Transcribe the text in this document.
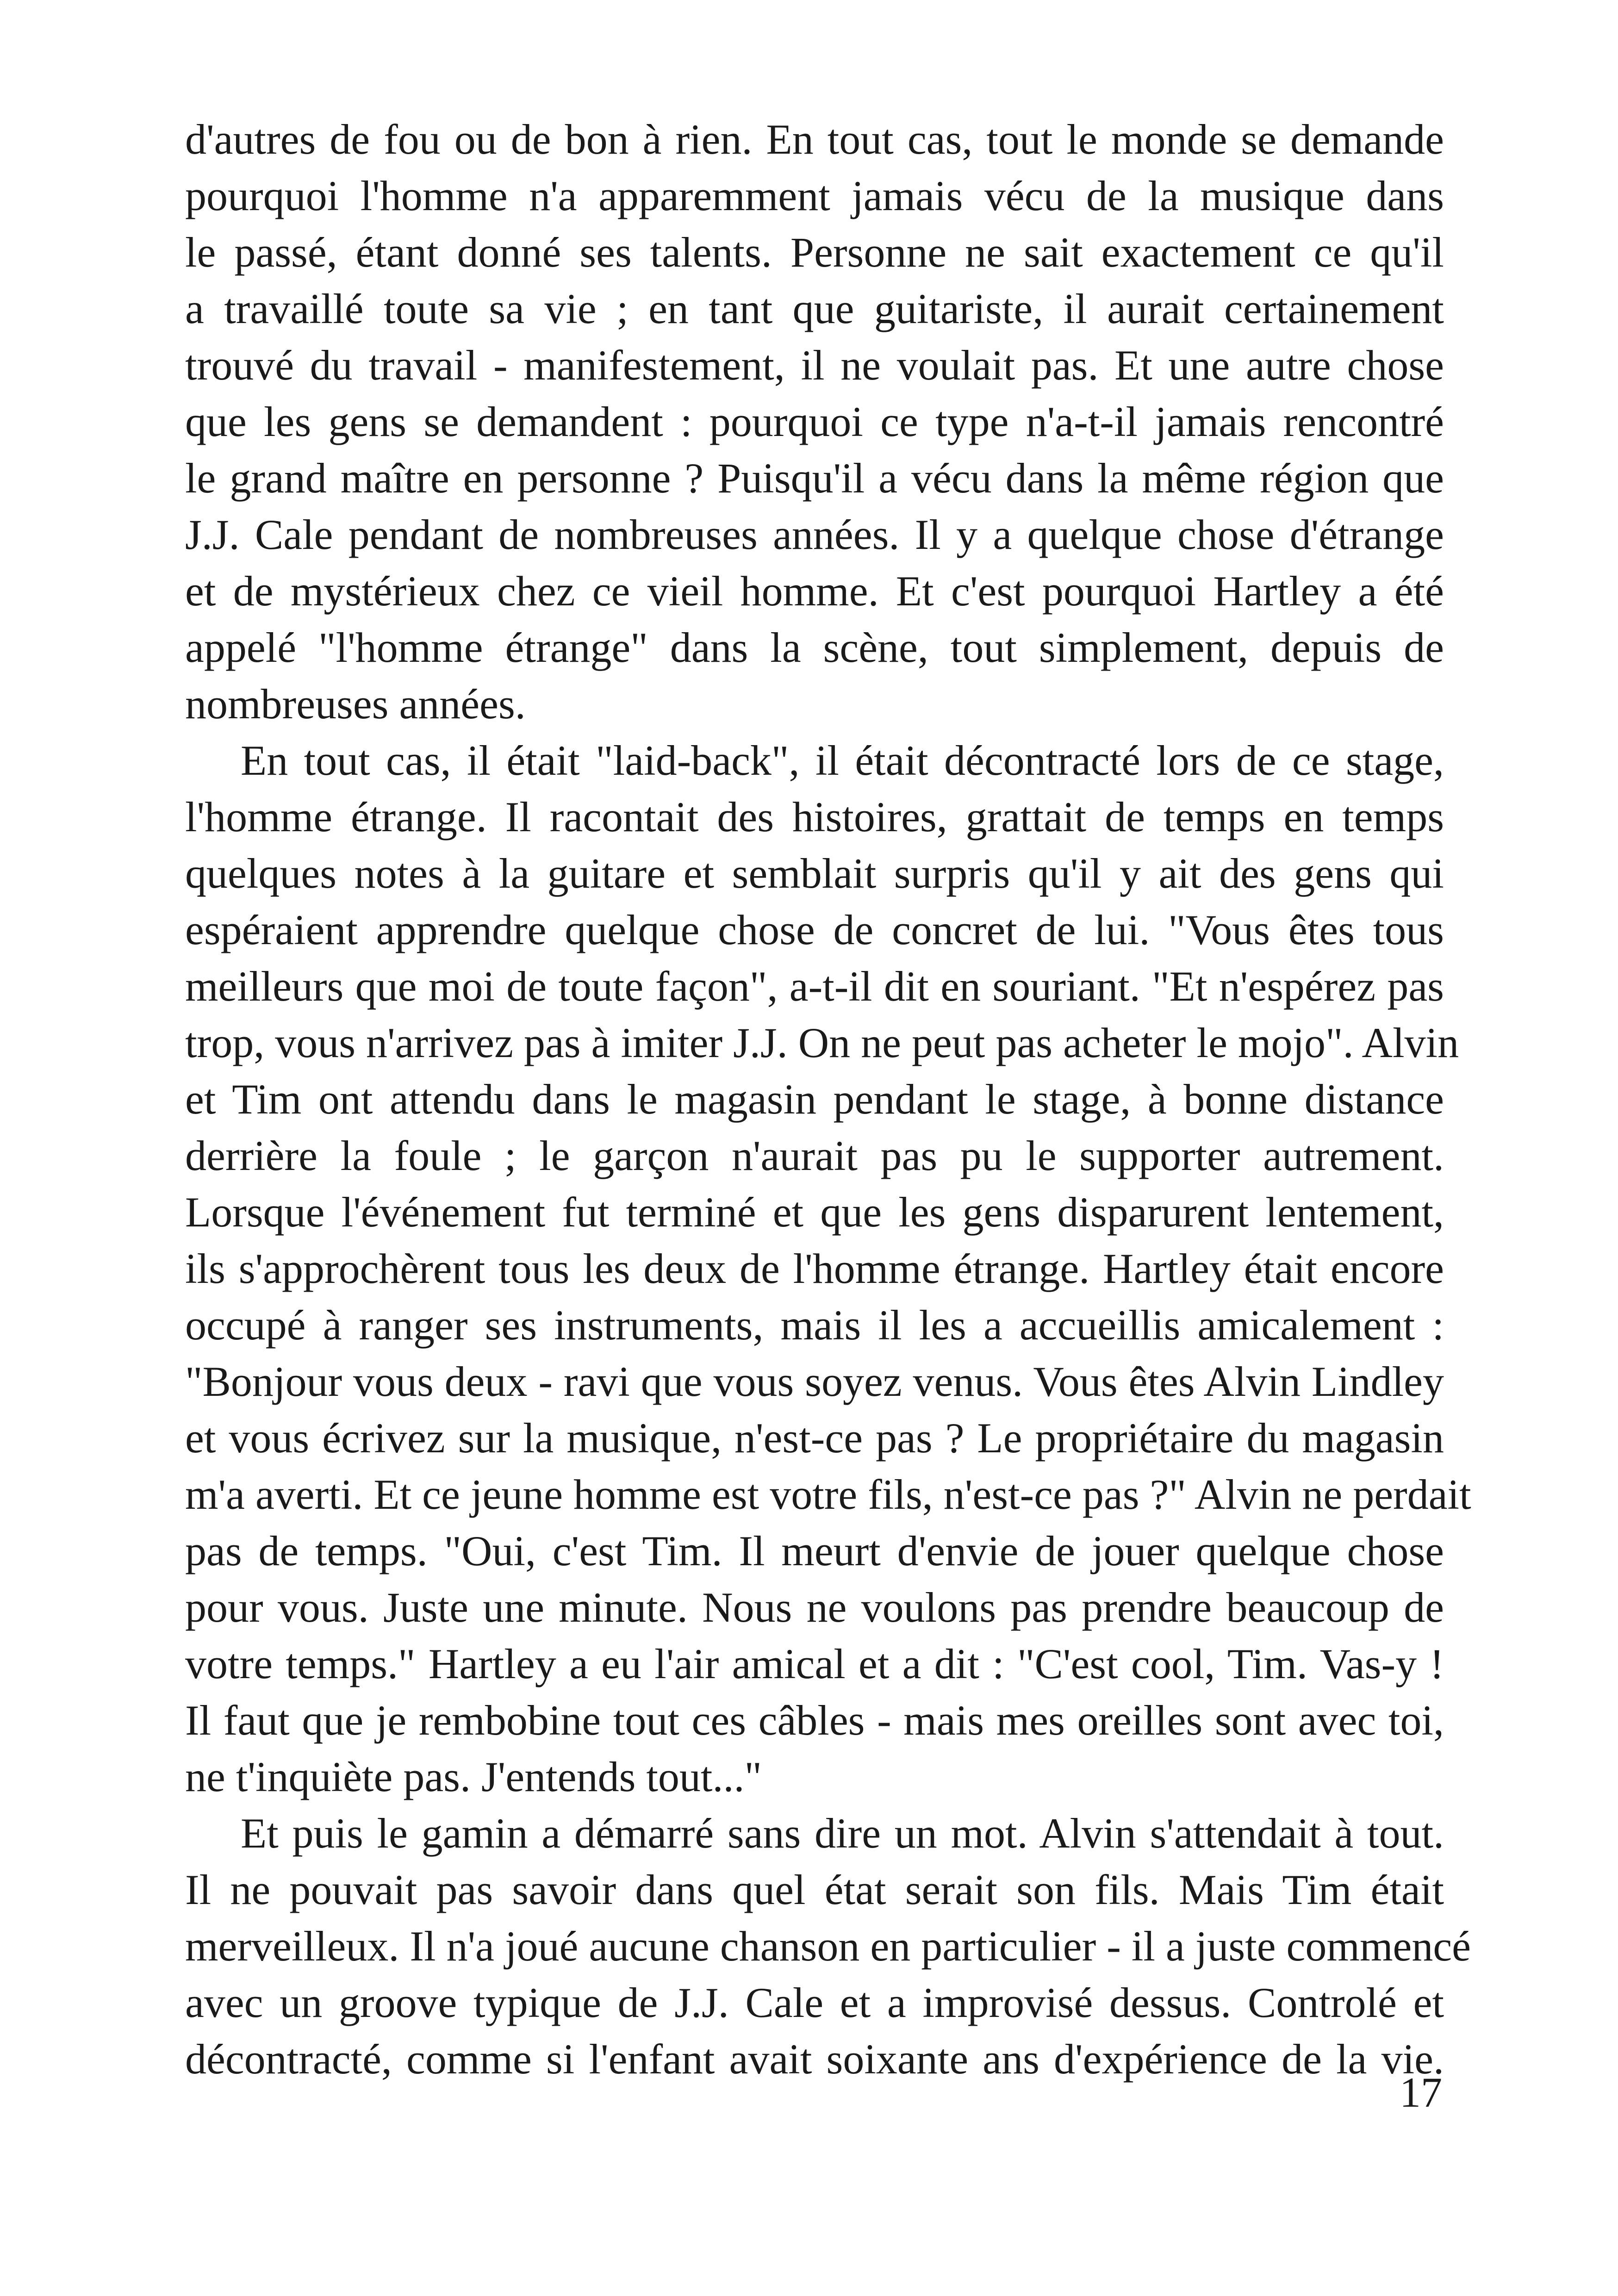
d'autres de fou ou de bon à rien. En tout cas, tout le monde se demande
pourquoi l'homme n'a apparemment jamais vécu de la musique dans
le passé, étant donné ses talents. Personne ne sait exactement ce qu'il
a travaillé toute sa vie ; en tant que guitariste, il aurait certainement
trouvé du travail - manifestement, il ne voulait pas. Et une autre chose
que les gens se demandent : pourquoi ce type n'a-t-il jamais rencontré
le grand maître en personne ? Puisqu'il a vécu dans la même région que
J.J. Cale pendant de nombreuses années. Il y a quelque chose d'étrange
et de mystérieux chez ce vieil homme. Et c'est pourquoi Hartley a été
appelé "l'homme étrange" dans la scène, tout simplement, depuis de
nombreuses années.
En tout cas, il était "laid-back", il était décontracté lors de ce stage,
l'homme étrange. Il racontait des histoires, grattait de temps en temps
quelques notes à la guitare et semblait surpris qu'il y ait des gens qui
espéraient apprendre quelque chose de concret de lui. "Vous êtes tous
meilleurs que moi de toute façon", a-t-il dit en souriant. "Et n'espérez pas
trop, vous n'arrivez pas à imiter J.J. On ne peut pas acheter le mojo". Alvin
et Tim ont attendu dans le magasin pendant le stage, à bonne distance
derrière la foule ; le garçon n'aurait pas pu le supporter autrement.
Lorsque l'événement fut terminé et que les gens disparurent lentement,
ils s'approchèrent tous les deux de l'homme étrange. Hartley était encore
occupé à ranger ses instruments, mais il les a accueillis amicalement :
"Bonjour vous deux - ravi que vous soyez venus. Vous êtes Alvin Lindley
et vous écrivez sur la musique, n'est-ce pas ? Le propriétaire du magasin
m'a averti. Et ce jeune homme est votre fils, n'est-ce pas ?" Alvin ne perdait
pas de temps. "Oui, c'est Tim. Il meurt d'envie de jouer quelque chose
pour vous. Juste une minute. Nous ne voulons pas prendre beaucoup de
votre temps." Hartley a eu l'air amical et a dit : "C'est cool, Tim. Vas-y !
Il faut que je rembobine tout ces câbles - mais mes oreilles sont avec toi,
ne t'inquiète pas. J'entends tout..."
Et puis le gamin a démarré sans dire un mot. Alvin s'attendait à tout.
Il ne pouvait pas savoir dans quel état serait son fils. Mais Tim était
merveilleux. Il n'a joué aucune chanson en particulier - il a juste commencé
avec un groove typique de J.J. Cale et a improvisé dessus. Controlé et
décontracté, comme si l'enfant avait soixante ans d'expérience de la vie.
17
